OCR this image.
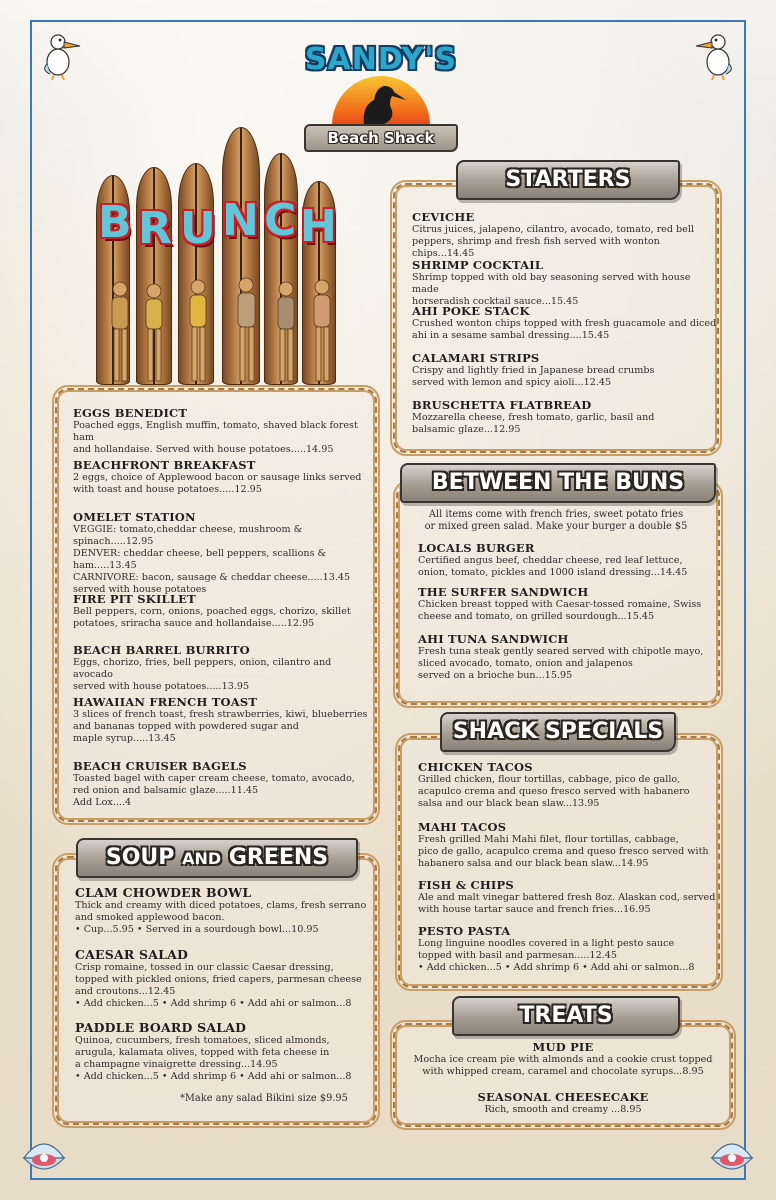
SANDY'S
Beach Shack
B R U N C H
EGGS BENEDICT
Poached eggs, English muffin, tomato, shaved black forest ham
and hollandaise. Served with house potatoes.....14.95
BEACHFRONT BREAKFAST
2 eggs, choice of Applewood bacon or sausage links served
with toast and house potatoes.....12.95
OMELET STATION
VEGGIE: tomato,cheddar cheese, mushroom & spinach.....12.95
DENVER: cheddar cheese, bell peppers, scallions & ham.....13.45
CARNIVORE: bacon, sausage & cheddar cheese.....13.45
served with house potatoes
FIRE PIT SKILLET
Bell peppers, corn, onions, poached eggs, chorizo, skillet
potatoes, sriracha sauce and hollandaise.....12.95
BEACH BARREL BURRITO
Eggs, chorizo, fries, bell peppers, onion, cilantro and avocado
served with house potatoes.....13.95
HAWAIIAN FRENCH TOAST
3 slices of french toast, fresh strawberries, kiwi, blueberries
and bananas topped with powdered sugar and
maple syrup.....13.45
BEACH CRUISER BAGELS
Toasted bagel with caper cream cheese, tomato, avocado,
red onion and balsamic glaze.....11.45
Add Lox....4
SOUP AND GREENS
CLAM CHOWDER BOWL
Thick and creamy with diced potatoes, clams, fresh serrano
and smoked applewood bacon.
• Cup...5.95 • Served in a sourdough bowl...10.95
CAESAR SALAD
Crisp romaine, tossed in our classic Caesar dressing,
topped with pickled onions, fried capers, parmesan cheese
and croutons...12.45
• Add chicken...5 • Add shrimp 6 • Add ahi or salmon...8
PADDLE BOARD SALAD
Quinoa, cucumbers, fresh tomatoes, sliced almonds,
arugula, kalamata olives, topped with feta cheese in
a champagne vinaigrette dressing...14.95
• Add chicken...5 • Add shrimp 6 • Add ahi or salmon...8
*Make any salad Bikini size $9.95
STARTERS
CEVICHE
Citrus juices, jalapeno, cilantro, avocado, tomato, red bell
peppers, shrimp and fresh fish served with wonton chips...14.45
SHRIMP COCKTAIL
Shrimp topped with old bay seasoning served with house made
horseradish cocktail sauce...15.45
AHI POKE STACK
Crushed wonton chips topped with fresh guacamole and diced
ahi in a sesame sambal dressing....15.45
CALAMARI STRIPS
Crispy and lightly fried in Japanese bread crumbs
served with lemon and spicy aioli...12.45
BRUSCHETTA FLATBREAD
Mozzarella cheese, fresh tomato, garlic, basil and
balsamic glaze...12.95
BETWEEN THE BUNS
All items come with french fries, sweet potato fries
or mixed green salad. Make your burger a double $5
LOCALS BURGER
Certified angus beef, cheddar cheese, red leaf lettuce,
onion, tomato, pickles and 1000 island dressing...14.45
THE SURFER SANDWICH
Chicken breast topped with Caesar-tossed romaine, Swiss
cheese and tomato, on grilled sourdough...15.45
AHI TUNA SANDWICH
Fresh tuna steak gently seared served with chipotle mayo,
sliced avocado, tomato, onion and jalapenos
served on a brioche bun...15.95
SHACK SPECIALS
CHICKEN TACOS
Grilled chicken, flour tortillas, cabbage, pico de gallo,
acapulco crema and queso fresco served with habanero
salsa and our black bean slaw...13.95
MAHI TACOS
Fresh grilled Mahi Mahi filet, flour tortillas, cabbage,
pico de gallo, acapulco crema and queso fresco served with
habanero salsa and our black bean slaw...14.95
FISH & CHIPS
Ale and malt vinegar battered fresh 8oz. Alaskan cod, served
with house tartar sauce and french fries...16.95
PESTO PASTA
Long linguine noodles covered in a light pesto sauce
topped with basil and parmesan.....12.45
• Add chicken...5 • Add shrimp 6 • Add ahi or salmon...8
TREATS
MUD PIE
Mocha ice cream pie with almonds and a cookie crust topped
with whipped cream, caramel and chocolate syrups...8.95
SEASONAL CHEESECAKE
Rich, smooth and creamy ...8.95
